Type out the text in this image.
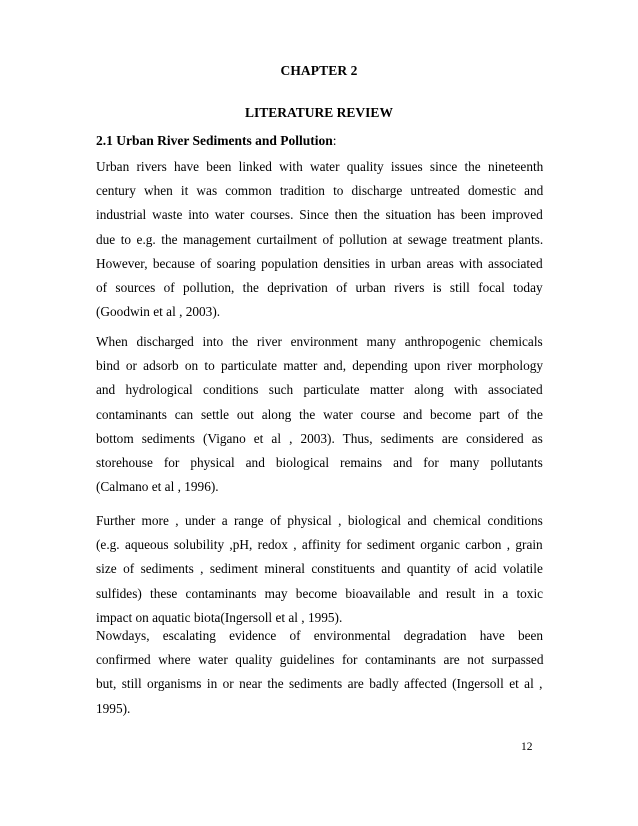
CHAPTER 2
LITERATURE REVIEW
2.1 Urban River Sediments and Pollution:
Urban rivers have been linked with water quality issues since the nineteenth
century when it was common tradition to discharge untreated domestic and
industrial waste into water courses. Since then the situation has been improved
due to e.g. the management curtailment of pollution at sewage treatment plants.
However, because of soaring population densities in urban areas with associated
of sources of pollution, the deprivation of urban rivers is still focal today
(Goodwin et al , 2003).
When discharged into the river environment many anthropogenic chemicals
bind or adsorb on to particulate matter and, depending upon river morphology
and hydrological conditions such particulate matter along with associated
contaminants can settle out along the water course and become part of the
bottom sediments (Vigano et al , 2003). Thus, sediments are considered as
storehouse for physical and biological remains and for many pollutants
(Calmano et al , 1996).
Further more , under a range of physical , biological and chemical conditions
(e.g. aqueous solubility ,pH, redox , affinity for sediment organic carbon , grain
size of sediments , sediment mineral constituents and quantity of acid volatile
sulfides) these contaminants may become bioavailable and result in a toxic
impact on aquatic biota(Ingersoll et al , 1995).
Nowdays, escalating evidence of environmental degradation have been
confirmed where water quality guidelines for contaminants are not surpassed
but, still organisms in or near the sediments are badly affected (Ingersoll et al ,
1995).
12
